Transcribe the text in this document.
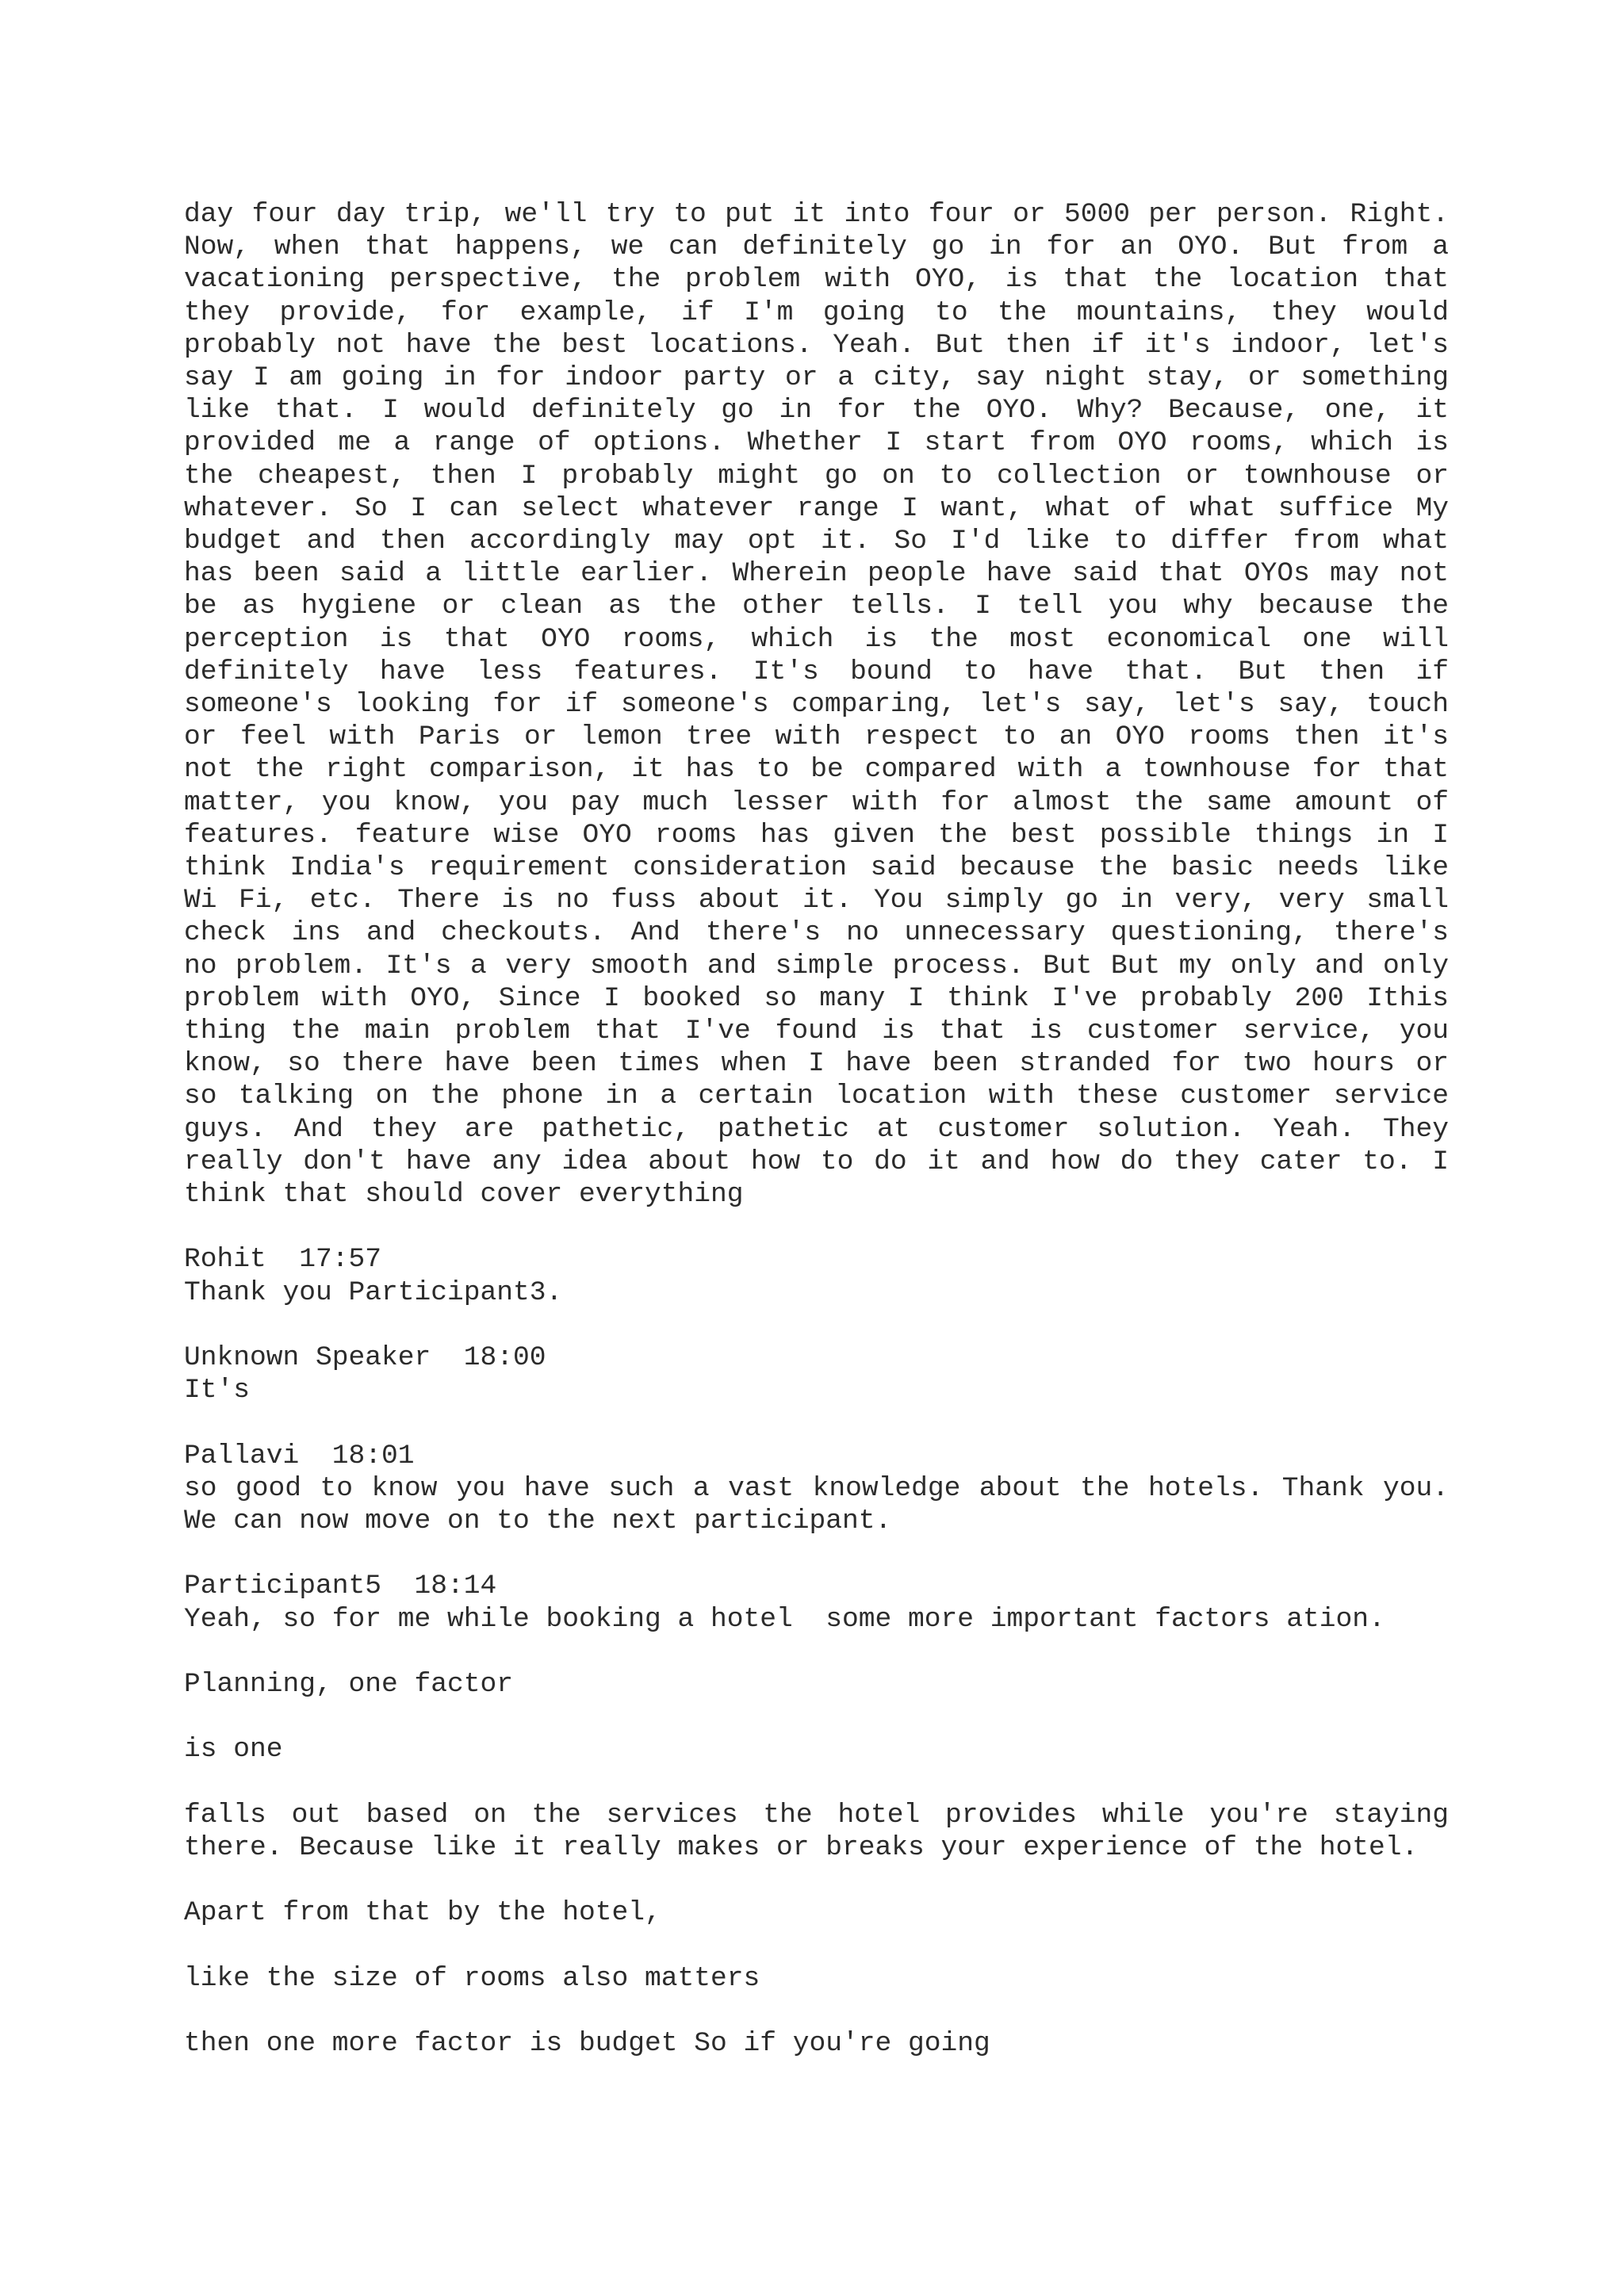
day four day trip, we'll try to put it into four or 5000 per person. Right.
Now, when that happens, we can definitely go in for an OYO. But from a
vacationing perspective, the problem with OYO, is that the location that
they provide, for example, if I'm going to the mountains, they would
probably not have the best locations. Yeah. But then if it's indoor, let's
say I am going in for indoor party or a city, say night stay, or something
like that. I would definitely go in for the OYO. Why? Because, one, it
provided me a range of options. Whether I start from OYO rooms, which is
the cheapest, then I probably might go on to collection or townhouse or
whatever. So I can select whatever range I want, what of what suffice My
budget and then accordingly may opt it. So I'd like to differ from what
has been said a little earlier. Wherein people have said that OYOs may not
be as hygiene or clean as the other tells. I tell you why because the
perception is that OYO rooms, which is the most economical one will
definitely have less features. It's bound to have that. But then if
someone's looking for if someone's comparing, let's say, let's say, touch
or feel with Paris or lemon tree with respect to an OYO rooms then it's
not the right comparison, it has to be compared with a townhouse for that
matter, you know, you pay much lesser with for almost the same amount of
features. feature wise OYO rooms has given the best possible things in I
think India's requirement consideration said because the basic needs like
Wi Fi, etc. There is no fuss about it. You simply go in very, very small
check ins and checkouts. And there's no unnecessary questioning, there's
no problem. It's a very smooth and simple process. But But my only and only
problem with OYO, Since I booked so many I think I've probably 200 Ithis
thing the main problem that I've found is that is customer service, you
know, so there have been times when I have been stranded for two hours or
so talking on the phone in a certain location with these customer service
guys. And they are pathetic, pathetic at customer solution. Yeah. They
really don't have any idea about how to do it and how do they cater to. I
think that should cover everything
Rohit  17:57
Thank you Participant3.
Unknown Speaker  18:00
It's
Pallavi  18:01
so good to know you have such a vast knowledge about the hotels. Thank you.
We can now move on to the next participant.
Participant5  18:14
Yeah, so for me while booking a hotel  some more important factors ation.
Planning, one factor
is one
falls out based on the services the hotel provides while you're staying
there. Because like it really makes or breaks your experience of the hotel.
Apart from that by the hotel,
like the size of rooms also matters
then one more factor is budget So if you're going
